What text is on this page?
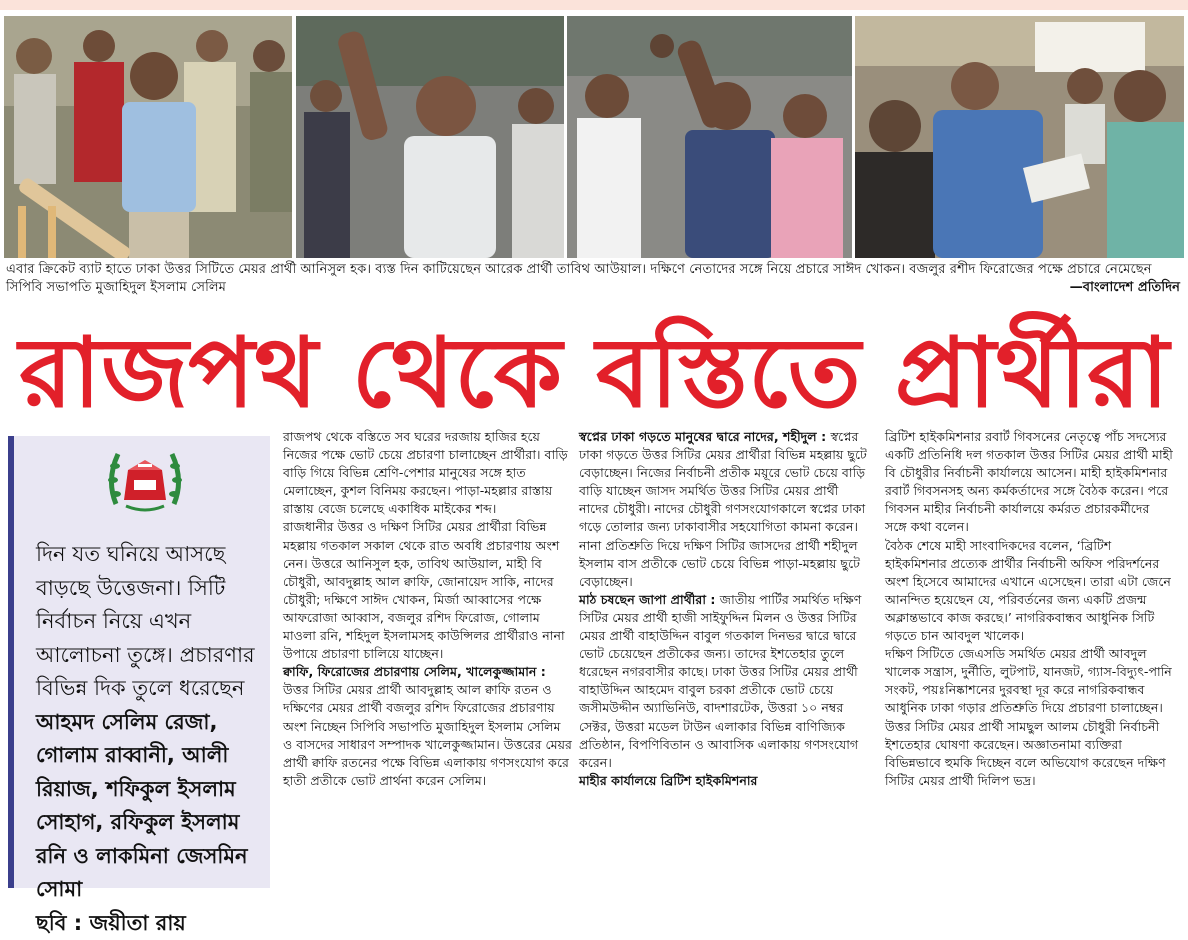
এবার ক্রিকেট ব্যাট হাতে ঢাকা উত্তর সিটিতে মেয়র প্রার্থী আনিসুল হক। ব্যস্ত দিন কাটিয়েছেন আরেক প্রার্থী তাবিথ আউয়াল। দক্ষিণে নেতাদের সঙ্গে নিয়ে প্রচারে সাঈদ খোকন। বজলুর রশীদ ফিরোজের পক্ষে প্রচারে নেমেছেন সিপিবি সভাপতি মুজাহিদুল ইসলাম সেলিম	—বাংলাদেশ প্রতিদিন
রাজপথ থেকে বস্তিতে প্রার্থীরা
দিন যত ঘনিয়ে আসছে বাড়ছে উত্তেজনা। সিটি নির্বাচন নিয়ে এখন আলোচনা তুঙ্গে। প্রচারণার বিভিন্ন দিক তুলে ধরেছেন আহমদ সেলিম রেজা, গোলাম রাব্বানী, আলী রিয়াজ, শফিকুল ইসলাম সোহাগ, রফিকুল ইসলাম রনি ও লাকমিনা জেসমিন সোমা
ছবি : জয়ীতা রায়

রাজপথ থেকে বস্তিতে সব ঘরের দরজায় হাজির হয়ে নিজের পক্ষে ভোট চেয়ে প্রচারণা চালাচ্ছেন প্রার্থীরা। বাড়ি বাড়ি গিয়ে বিভিন্ন শ্রেণি-পেশার মানুষের সঙ্গে হাত মেলাচ্ছেন, কুশল বিনিময় করছেন। পাড়া-মহল্লার রাস্তায় রাস্তায় বেজে চলেছে একাধিক মাইকের শব্দ।

রাজধানীর উত্তর ও দক্ষিণ সিটির মেয়র প্রার্থীরা বিভিন্ন মহল্লায় গতকাল সকাল থেকে রাত অবধি প্রচারণায় অংশ নেন। উত্তরে আনিসুল হক, তাবিথ আউয়াল, মাহী বি চৌধুরী, আবদুল্লাহ আল ক্বাফি, জোনায়েদ সাকি, নাদের চৌধুরী; দক্ষিণে সাঈদ খোকন, মির্জা আব্বাসের পক্ষে আফরোজা আব্বাস, বজলুর রশিদ ফিরোজ, গোলাম মাওলা রনি, শহিদুল ইসলামসহ কাউন্সিলর প্রার্থীরাও নানা উপায়ে প্রচারণা চালিয়ে যাচ্ছেন।

ক্বাফি, ফিরোজের প্রচারণায় সেলিম, খালেকুজ্জামান : উত্তর সিটির মেয়র প্রার্থী আবদুল্লাহ আল ক্বাফি রতন ও দক্ষিণের মেয়র প্রার্থী বজলুর রশিদ ফিরোজের প্রচারণায় অংশ নিচ্ছেন সিপিবি সভাপতি মুজাহিদুল ইসলাম সেলিম ও বাসদের সাধারণ সম্পাদক খালেকুজ্জামান। উত্তরের মেয়র প্রার্থী ক্বাফি রতনের পক্ষে বিভিন্ন এলাকায় গণসংযোগ করে হাতী প্রতীকে ভোট প্রার্থনা করেন সেলিম।

স্বপ্নের ঢাকা গড়তে মানুষের দ্বারে নাদের, শহীদুল : স্বপ্নের ঢাকা গড়তে উত্তর সিটির মেয়র প্রার্থীরা বিভিন্ন মহল্লায় ছুটে বেড়াচ্ছেন। নিজের নির্বাচনী প্রতীক ময়ূরে ভোট চেয়ে বাড়ি বাড়ি যাচ্ছেন জাসদ সমর্থিত উত্তর সিটির মেয়র প্রার্থী নাদের চৌধুরী। নাদের চৌধুরী গণসংযোগকালে স্বপ্নের ঢাকা গড়ে তোলার জন্য ঢাকাবাসীর সহযোগিতা কামনা করেন। নানা প্রতিশ্রুতি দিয়ে দক্ষিণ সিটির জাসদের প্রার্থী শহীদুল ইসলাম বাস প্রতীকে ভোট চেয়ে বিভিন্ন পাড়া-মহল্লায় ছুটে বেড়াচ্ছেন।

মাঠ চষছেন জাপা প্রার্থীরা : জাতীয় পার্টির সমর্থিত দক্ষিণ সিটির মেয়র প্রার্থী হাজী সাইফুদ্দিন মিলন ও উত্তর সিটির মেয়র প্রার্থী বাহাউদ্দিন বাবুল গতকাল দিনভর দ্বারে দ্বারে ভোট চেয়েছেন প্রতীকের জন্য। তাদের ইশতেহার তুলে ধরেছেন নগরবাসীর কাছে। ঢাকা উত্তর সিটির মেয়র প্রার্থী বাহাউদ্দিন আহমেদ বাবুল চরকা প্রতীকে ভোট চেয়ে জসীমউদ্দীন অ্যাভিনিউ, বাদশারটেক, উত্তরা ১০ নম্বর সেক্টর, উত্তরা মডেল টাউন এলাকার বিভিন্ন বাণিজ্যিক প্রতিষ্ঠান, বিপণিবিতান ও আবাসিক এলাকায় গণসংযোগ করেন।

মাহীর কার্যালয়ে ব্রিটিশ হাইকমিশনার

ব্রিটিশ হাইকমিশনার রবার্ট গিবসনের নেতৃত্বে পাঁচ সদস্যের একটি প্রতিনিধি দল গতকাল উত্তর সিটির মেয়র প্রার্থী মাহী বি চৌধুরীর নির্বাচনী কার্যালয়ে আসেন। মাহী হাইকমিশনার রবার্ট গিবসনসহ অন্য কর্মকর্তাদের সঙ্গে বৈঠক করেন। পরে গিবসন মাহীর নির্বাচনী কার্যালয়ে কর্মরত প্রচারকর্মীদের সঙ্গে কথা বলেন।

বৈঠক শেষে মাহী সাংবাদিকদের বলেন, ‘ব্রিটিশ হাইকমিশনার প্রত্যেক প্রার্থীর নির্বাচনী অফিস পরিদর্শনের অংশ হিসেবে আমাদের এখানে এসেছেন। তারা এটা জেনে আনন্দিত হয়েছেন যে, পরিবর্তনের জন্য একটি প্রজন্ম অক্লান্তভাবে কাজ করছে।’ নাগরিকবান্ধব আধুনিক সিটি গড়তে চান আবদুল খালেক।

দক্ষিণ সিটিতে জেএসডি সমর্থিত মেয়র প্রার্থী আবদুল খালেক সন্ত্রাস, দুর্নীতি, লুটপাট, যানজট, গ্যাস-বিদ্যুৎ-পানি সংকট, পয়ঃনিষ্কাশনের দুরবস্থা দূর করে নাগরিকবান্ধব আধুনিক ঢাকা গড়ার প্রতিশ্রুতি দিয়ে প্রচারণা চালাচ্ছেন। উত্তর সিটির মেয়র প্রার্থী সামছুল আলম চৌধুরী নির্বাচনী ইশতেহার ঘোষণা করেছেন। অজ্ঞাতনামা ব্যক্তিরা বিভিন্নভাবে হুমকি দিচ্ছেন বলে অভিযোগ করেছেন দক্ষিণ সিটির মেয়র প্রার্থী দিলিপ ভদ্র।
